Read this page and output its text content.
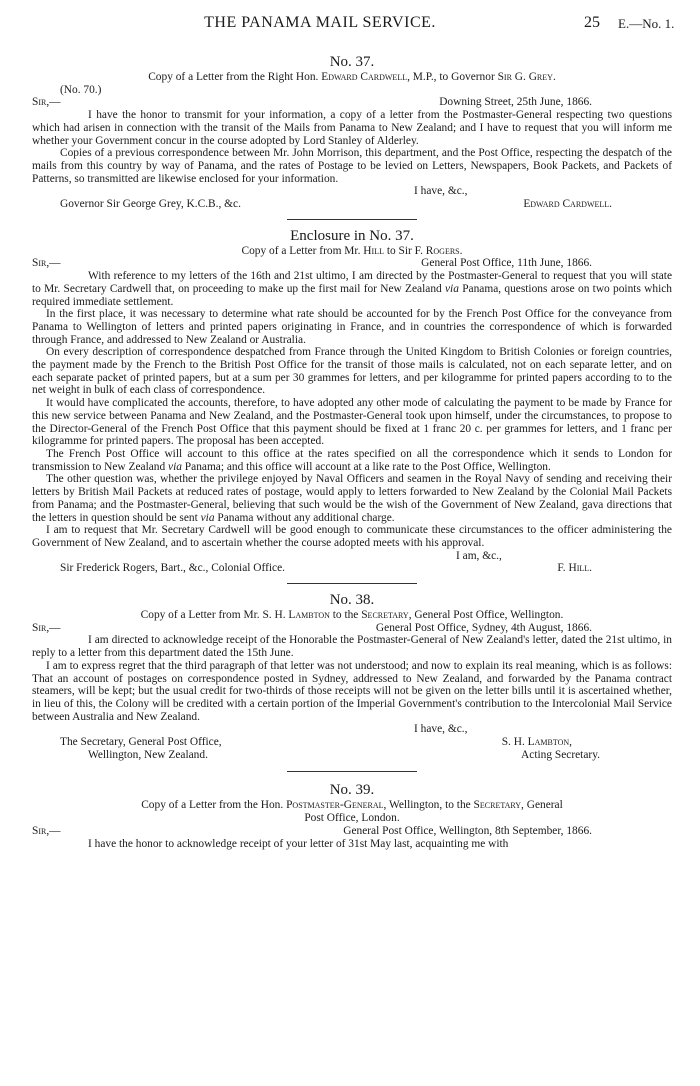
THE PANAMA MAIL SERVICE.	25 E.—No. 1.

No. 37.

Copy of a Letter from the Right Hon. Edward Cardwell, M.P., to Governor Sir G. Grey.

(No. 70.)

Sir,—	Downing Street, 25th June, 1866.

I have the honor to transmit for your information, a copy of a letter from the Postmaster-General respecting two questions which had arisen in connection with the transit of the Mails from Panama to New Zealand; and I have to request that you will inform me whether your Government concur in the course adopted by Lord Stanley of Alderley.

Copies of a previous correspondence between Mr. John Morrison, this department, and the Post Office, respecting the despatch of the mails from this country by way of Panama, and the rates of Postage to be levied on Letters, Newspapers, Book Packets, and Packets of Patterns, so transmitted are likewise enclosed for your information.

I have, &c.,

Governor Sir George Grey, K.C.B., &c.	Edward Cardwell.

Enclosure in No. 37.

Copy of a Letter from Mr. Hill to Sir F. Rogers.

Sir,—	General Post Office, 11th June, 1866.

With reference to my letters of the 16th and 21st ultimo, I am directed by the Postmaster-General to request that you will state to Mr. Secretary Cardwell that, on proceeding to make up the first mail for New Zealand via Panama, questions arose on two points which required immediate settlement.

In the first place, it was necessary to determine what rate should be accounted for by the French Post Office for the conveyance from Panama to Wellington of letters and printed papers originating in France, and in countries the correspondence of which is forwarded through France, and addressed to New Zealand or Australia.

On every description of correspondence despatched from France through the United Kingdom to British Colonies or foreign countries, the payment made by the French to the British Post Office for the transit of those mails is calculated, not on each separate letter, and on each separate packet of printed papers, but at a sum per 30 grammes for letters, and per kilogramme for printed papers according to to the net weight in bulk of each class of correspondence.

It would have complicated the accounts, therefore, to have adopted any other mode of calculating the payment to be made by France for this new service between Panama and New Zealand, and the Postmaster-General took upon himself, under the circumstances, to propose to the Director-General of the French Post Office that this payment should be fixed at 1 franc 20 c. per grammes for letters, and 1 franc per kilogramme for printed papers. The proposal has been accepted.

The French Post Office will account to this office at the rates specified on all the correspondence which it sends to London for transmission to New Zealand via Panama; and this office will account at a like rate to the Post Office, Wellington.

The other question was, whether the privilege enjoyed by Naval Officers and seamen in the Royal Navy of sending and receiving their letters by British Mail Packets at reduced rates of postage, would apply to letters forwarded to New Zealand by the Colonial Mail Packets from Panama; and the Postmaster-General, believing that such would be the wish of the Government of New Zealand, gava directions that the letters in question should be sent via Panama without any additional charge.

I am to request that Mr. Secretary Cardwell will be good enough to communicate these circumstances to the officer administering the Government of New Zealand, and to ascertain whether the course adopted meets with his approval.

I am, &c.,

Sir Frederick Rogers, Bart., &c., Colonial Office.	F. Hill.

No. 38.

Copy of a Letter from Mr. S. H. Lambton to the Secretary, General Post Office, Wellington.

Sir,—	General Post Office, Sydney, 4th August, 1866.

I am directed to acknowledge receipt of the Honorable the Postmaster-General of New Zealand's letter, dated the 21st ultimo, in reply to a letter from this department dated the 15th June.

I am to express regret that the third paragraph of that letter was not understood; and now to explain its real meaning, which is as follows: That an account of postages on correspondence posted in Sydney, addressed to New Zealand, and forwarded by the Panama contract steamers, will be kept; but the usual credit for two-thirds of those receipts will not be given on the letter bills until it is ascertained whether, in lieu of this, the Colony will be credited with a certain portion of the Imperial Government's contribution to the Intercolonial Mail Service between Australia and New Zealand.

I have, &c.,

The Secretary, General Post Office,	S. H. Lambton,
Wellington, New Zealand.	Acting Secretary.

No. 39.

Copy of a Letter from the Hon. Postmaster-General, Wellington, to the Secretary, General

Post Office, London.

Sir,—	General Post Office, Wellington, 8th September, 1866.

I have the honor to acknowledge receipt of your letter of 31st May last, acquainting me with
